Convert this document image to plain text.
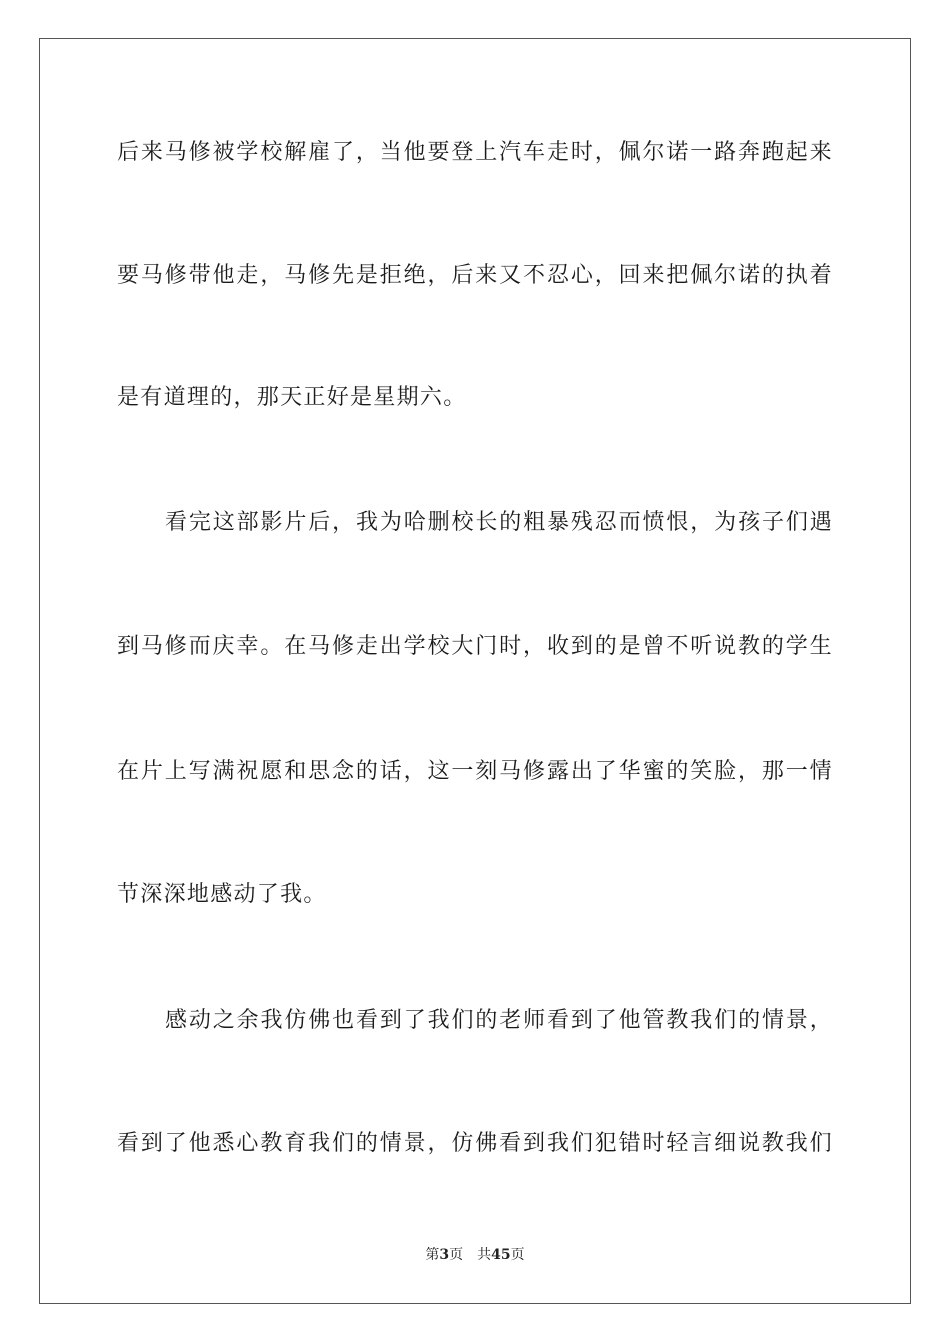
后来马修被学校解雇了，当他要登上汽车走时，佩尔诺一路奔跑起来
要马修带他走，马修先是拒绝，后来又不忍心，回来把佩尔诺的执着
是有道理的，那天正好是星期六。
看完这部影片后，我为哈删校长的粗暴残忍而愤恨，为孩子们遇
到马修而庆幸。在马修走出学校大门时，收到的是曾不听说教的学生
在片上写满祝愿和思念的话，这一刻马修露出了华蜜的笑脸，那一情
节深深地感动了我。
感动之余我仿佛也看到了我们的老师看到了他管教我们的情景，
看到了他悉心教育我们的情景，仿佛看到我们犯错时轻言细说教我们
第3页 共45页
